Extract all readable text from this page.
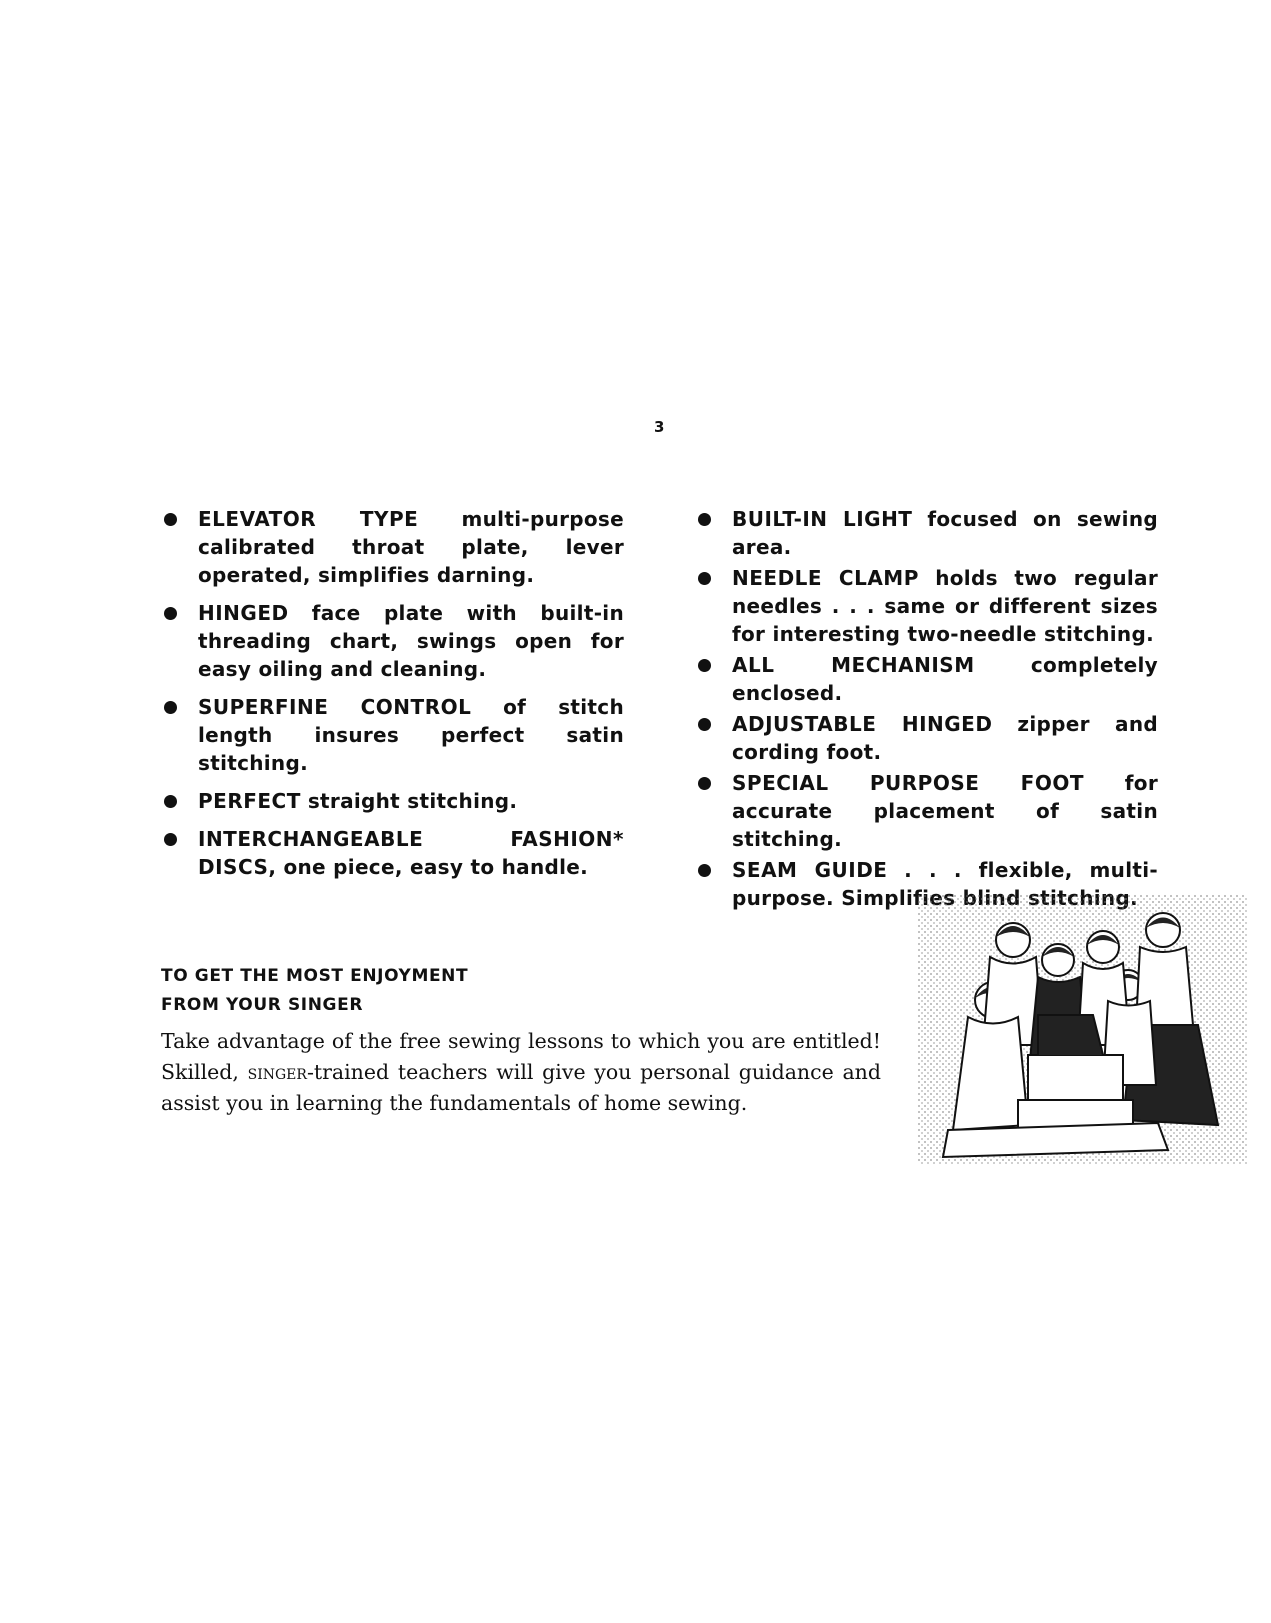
3
ELEVATOR TYPE multi-purpose calibrated throat plate, lever operated, simplifies darning.
HINGED face plate with built-in threading chart, swings open for easy oiling and cleaning.
SUPERFINE CONTROL of stitch length insures perfect satin stitching.
PERFECT straight stitching.
INTERCHANGEABLE FASHION* DISCS, one piece, easy to handle.
BUILT-IN LIGHT focused on sewing area.
NEEDLE CLAMP holds two regular needles . . . same or different sizes for interesting two-needle stitching.
ALL MECHANISM	completely enclosed.
ADJUSTABLE HINGED zipper and cording foot.
SPECIAL PURPOSE FOOT for accurate placement of satin stitching.
SEAM GUIDE . . . flexible, multi-purpose. Simplifies blind stitching.
TO GET THE MOST ENJOYMENT
FROM YOUR SINGER
Take advantage of the free sewing lessons to which you are entitled! Skilled, singer-trained teachers will give you personal guidance and assist you in learning the fundamentals of home sewing.
